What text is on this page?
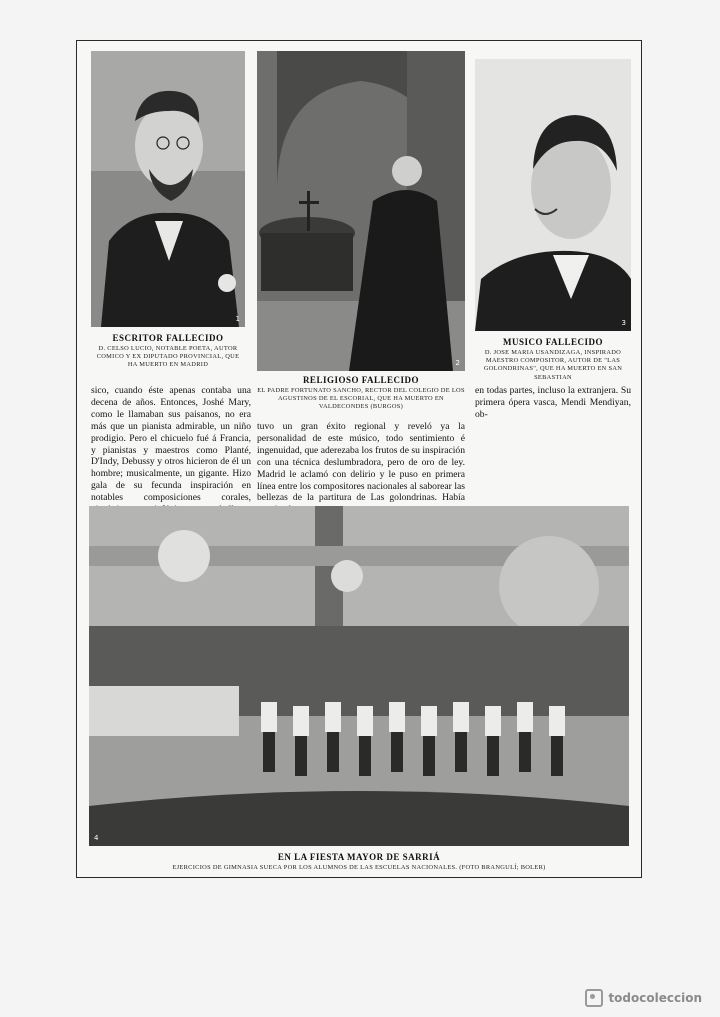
1
2
3
ESCRITOR FALLECIDO
D. CELSO LUCIO, NOTABLE POETA, AUTOR COMICO Y EX DIPUTADO PROVINCIAL, QUE HA MUERTO EN MADRID
RELIGIOSO FALLECIDO
EL PADRE FORTUNATO SANCHO, RECTOR DEL COLEGIO DE LOS AGUSTINOS DE EL ESCORIAL, QUE HA MUERTO EN VALDECONDES (BURGOS)
MUSICO FALLECIDO
D. JOSE MARIA USANDIZAGA, INSPIRADO MAESTRO COMPOSITOR, AUTOR DE "LAS GOLONDRINAS", QUE HA MUERTO EN SAN SEBASTIAN
sico, cuando éste apenas contaba una decena de años. Entonces, Joshé Mary, como le llamaban sus paisanos, no era más que un pianista admirable, un niño prodigio. Pero el chicuelo fué á Francia, y pianistas y maestros como Planté, D'Indy, Debussy y otros hicieron de él un hombre; musicalmente, un gigante. Hizo gala de su fecunda inspiración en notables composiciones corales,
tuvo un gran éxito regional y reveló ya la personalidad de este músico, todo sentimiento é ingenuidad, que aderezaba los frutos de su inspiración con una técnica deslumbradora, pero de oro de ley. Madrid le aclamó con delirio y le puso en primera línea entre los compositores nacionales al saborear las bellezas de la partitura de Las golondrinas. Había
en todas partes, incluso la extranjera. Su primera ópera vasca, Mendi Mendiyan, ob-
4
EN LA FIESTA MAYOR DE SARRIÁ
EJERCICIOS DE GIMNASIA SUECA POR LOS ALUMNOS DE LAS ESCUELAS NACIONALES. (FOTO BRANGULÍ; BOLER)
todocoleccion
